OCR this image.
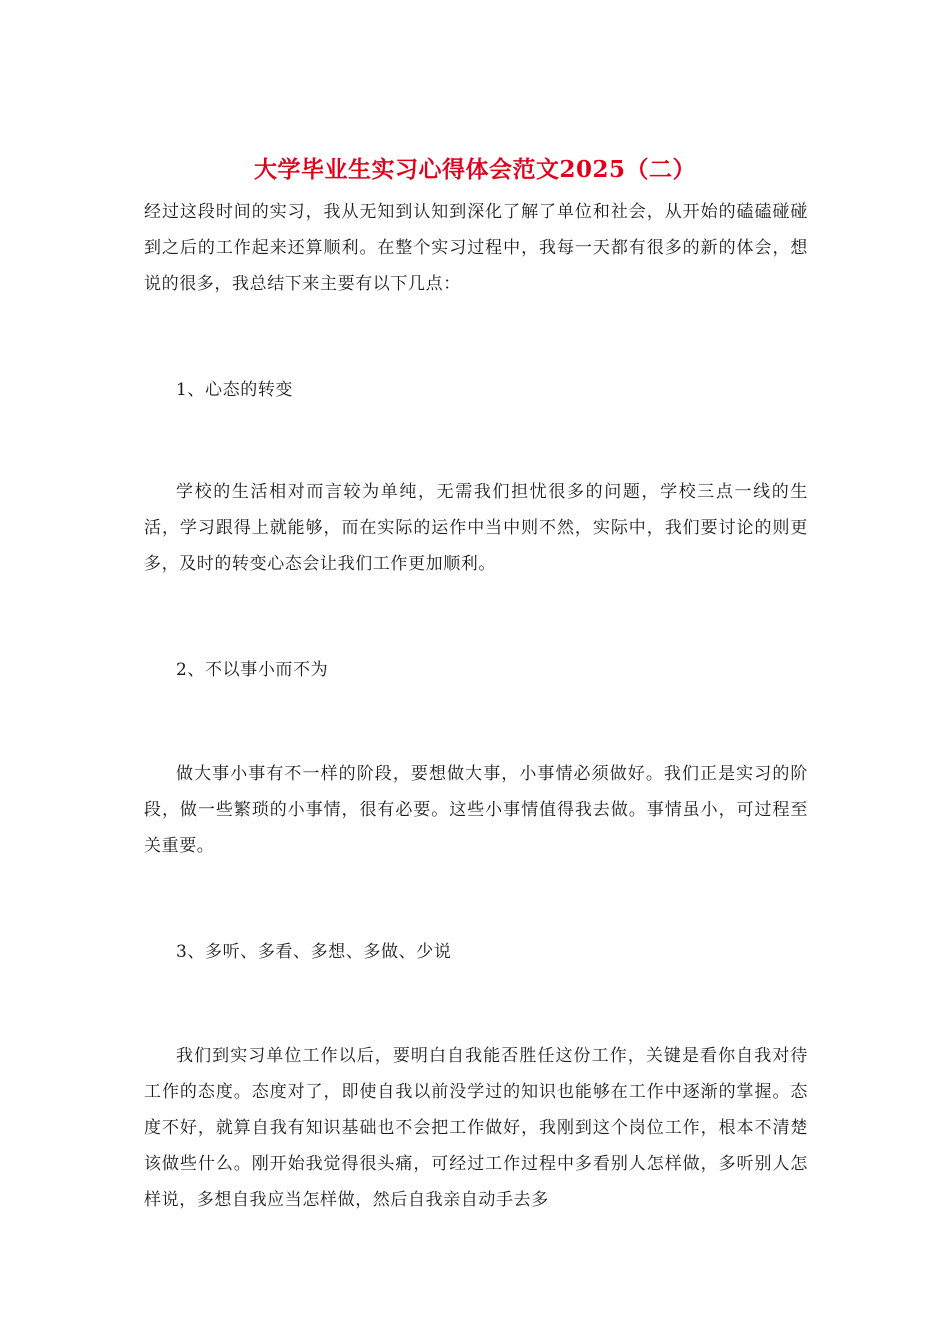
大学毕业生实习心得体会范文2025（二）

经过这段时间的实习，我从无知到认知到深化了解了单位和社会，从开始的磕磕碰碰到之后的工作起来还算顺利。在整个实习过程中，我每一天都有很多的新的体会，想说的很多，我总结下来主要有以下几点：

1、心态的转变

学校的生活相对而言较为单纯，无需我们担忧很多的问题，学校三点一线的生活，学习跟得上就能够，而在实际的运作中当中则不然，实际中，我们要讨论的则更多，及时的转变心态会让我们工作更加顺利。

2、不以事小而不为

做大事小事有不一样的阶段，要想做大事，小事情必须做好。我们正是实习的阶段，做一些繁琐的小事情，很有必要。这些小事情值得我去做。事情虽小，可过程至关重要。

3、多听、多看、多想、多做、少说

我们到实习单位工作以后，要明白自我能否胜任这份工作，关键是看你自我对待工作的态度。态度对了，即使自我以前没学过的知识也能够在工作中逐渐的掌握。态度不好，就算自我有知识基础也不会把工作做好，我刚到这个岗位工作，根本不清楚该做些什么。刚开始我觉得很头痛，可经过工作过程中多看别人怎样做，多听别人怎样说，多想自我应当怎样做，然后自我亲自动手去多
